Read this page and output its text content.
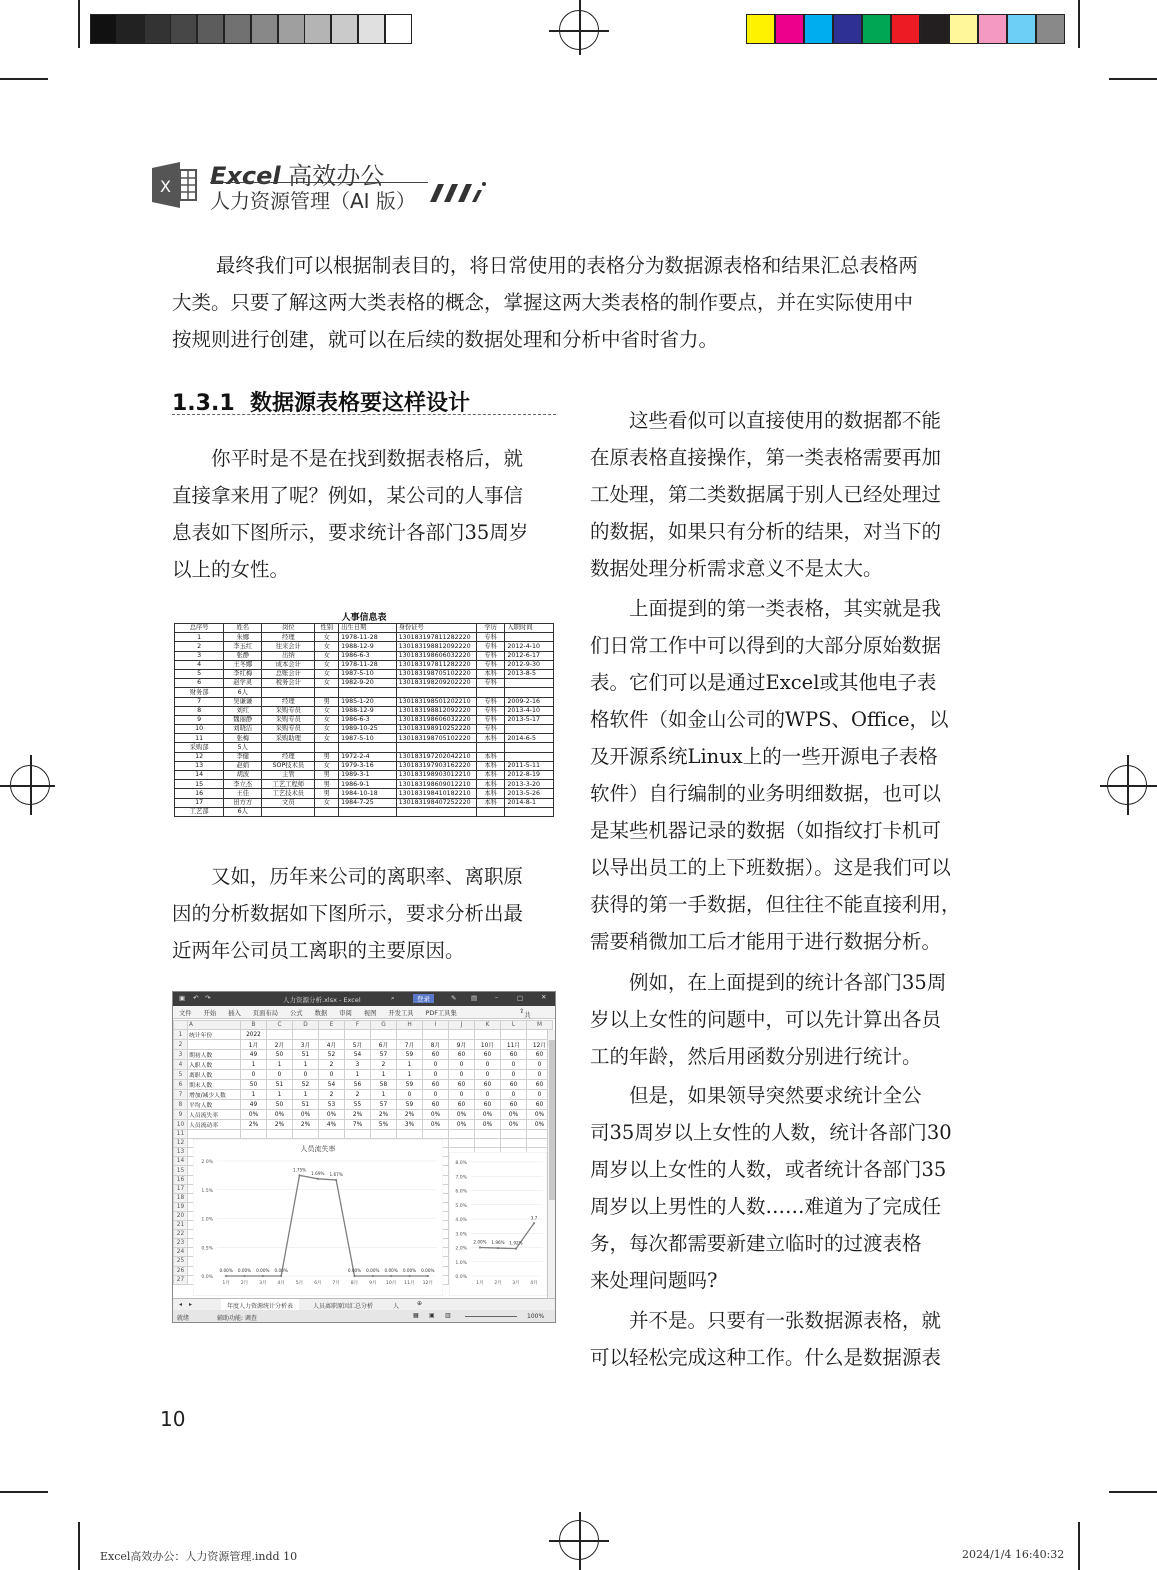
X Excel 高效办公
人力资源管理（AI 版）
最终我们可以根据制表目的，将日常使用的表格分为数据源表格和结果汇总表格两
大类。只要了解这两大类表格的概念，掌握这两大类表格的制作要点，并在实际使用中
按规则进行创建，就可以在后续的数据处理和分析中省时省力。
1.3.1 数据源表格要这样设计
你平时是不是在找到数据表格后，就
直接拿来用了呢？例如，某公司的人事信
息表如下图所示，要求统计各部门35周岁
以上的女性。
人事信息表
总序号	姓名	岗位	性别	出生日期	身份证号	学历	入职时间
1	朱娜	经理	女	1978-11-28	130183197811282220	专科	
2	李玉红	往来会计	女	1988-12-9	130183198812092220	专科	2012-4-10
3	张静	出纳	女	1986-6-3	130183198606032220	专科	2012-6-17
4	王冬娜	成本会计	女	1978-11-28	130183197811282220	专科	2012-9-30
5	李红梅	总账会计	女	1987-5-10	130183198705102220	本科	2013-8-5
6	赵学灵	税务会计	女	1982-9-20	130183198209202220	专科	
财务部	6人						
7	吴谦谦	经理	男	1985-1-20	130183198501202210	专科	2009-2-16
8	刘红	采购专员	女	1988-12-9	130183198812092220	专科	2013-4-10
9	魏丽静	采购专员	女	1986-6-3	130183198606032220	专科	2013-5-17
10	刘晓洁	采购专员	女	1989-10-25	130183198910252220	专科	
11	张梅	采购助理	女	1987-5-10	130183198705102220	本科	2014-6-5
采购部	5人						
12	李健	经理	男	1972-2-4	130183197202042210	本科	
13	赵娟	SOP技术员	女	1979-3-16	130183197903162220	本科	2011-5-11
14	胡波	主管	男	1989-3-1	130183198903012210	本科	2012-8-19
15	李立杰	工艺工程师	男	1986-9-1	130183198609012210	本科	2013-3-20
16	王佳	工艺技术员	男	1984-10-18	130183198410182210	本科	2013-5-26
17	田方方	文员	女	1984-7-25	130183198407252220	本科	2014-8-1
工艺部	6人						
又如，历年来公司的离职率、离职原
因的分析数据如下图所示，要求分析出最
近两年公司员工离职的主要原因。
▣ ↶ ↷	人力资源分析.xlsx - Excel	⌕	登录	✎ ▤	–	□	✕
⇪
共
文件 开始 插入 页面布局 公式 数据 审阅 视图 开发工具 PDF工具集
	A	B	C	D	E	F	G	H	I	J	K	L	M
1	统计年份	2022											
2		1月	2月	3月	4月	5月	6月	7月	8月	9月	10月	11月	12月
3	期初人数	49	50	51	52	54	57	59	60	60	60	60	60
4	入职人数	1	1	1	2	3	2	1	0	0	0	0	0
5	离职人数	0	0	0	0	1	1	1	0	0	0	0	0
6	期末人数	50	51	52	54	56	58	59	60	60	60	60	60
7	增加/减少人数	1	1	1	2	2	1	0	0	0	0	0	0
8	平均人数	49	50	51	53	55	57	59	60	60	60	60	60
9	人员流失率	0%	0%	0%	0%	2%	2%	2%	0%	0%	0%	0%	0%
10	人员流动率	2%	2%	2%	4%	7%	5%	3%	0%	0%	0%	0%	0%
11													
12													
13													
14													
15													
16													
17													
18													
19													
20													
21													
22													
23													
24													
25													
26													
27													
人员流失率
0.0%
0.5%
1.0%
1.5%
2.0%
1月 2月 3月 4月 5月 6月 7月 8月 9月 10月 11月 12月
0.00% 0.00% 0.00% 0.00%
1.75%
1.69% 1.67%
0.00% 0.00% 0.00% 0.00% 0.00%
0.0%
1.0%
2.0%
3.0%
4.0%
5.0%
6.0%
7.0%
8.0%
1月 2月 3月 4月
2.00% 1.96% 1.92%
3.7
◂ ▸	年度人力资源统计分析表	人员离职原因汇总分析	人	⊕
就绪	辅助功能: 调查	▦ ▣ ▥	100%
这些看似可以直接使用的数据都不能
在原表格直接操作，第一类表格需要再加
工处理，第二类数据属于别人已经处理过
的数据，如果只有分析的结果，对当下的
数据处理分析需求意义不是太大。
上面提到的第一类表格，其实就是我
们日常工作中可以得到的大部分原始数据
表。它们可以是通过Excel或其他电子表
格软件（如金山公司的WPS、Office，以
及开源系统Linux上的一些开源电子表格
软件）自行编制的业务明细数据，也可以
是某些机器记录的数据（如指纹打卡机可
以导出员工的上下班数据）。这是我们可以
获得的第一手数据，但往往不能直接利用，
需要稍微加工后才能用于进行数据分析。
例如，在上面提到的统计各部门35周
岁以上女性的问题中，可以先计算出各员
工的年龄，然后用函数分别进行统计。
但是，如果领导突然要求统计全公
司35周岁以上女性的人数，统计各部门30
周岁以上女性的人数，或者统计各部门35
周岁以上男性的人数……难道为了完成任
务，每次都需要新建立临时的过渡表格
来处理问题吗?
并不是。只要有一张数据源表格，就
可以轻松完成这种工作。什么是数据源表
10
Excel高效办公：人力资源管理.indd 10	2024/1/4 16:40:32
